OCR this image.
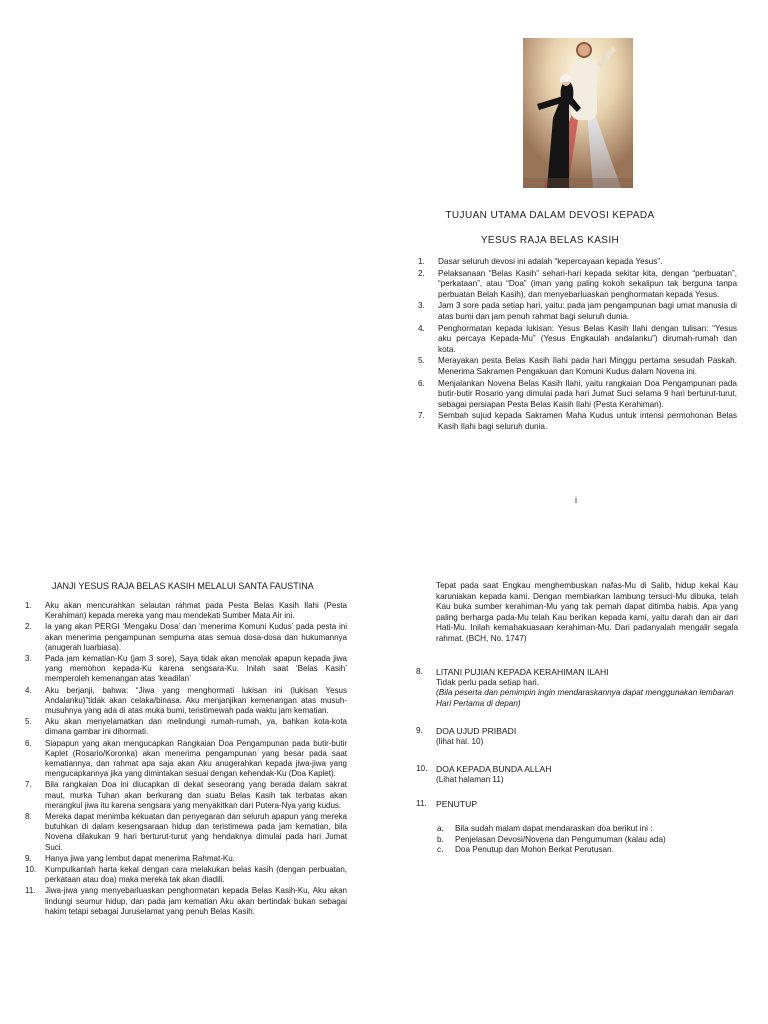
TUJUAN UTAMA DALAM DEVOSI KEPADA
YESUS RAJA BELAS KASIH
1. Dasar seluruh devosi ini adalah “kepercayaan kepada Yesus”.
2. Pelaksanaan “Belas Kasih” sehari-hari kepada sekitar kita, dengan “perbuatan”, “perkataan”, atau “Doa” (iman yang paling kokoh sekalipun tak berguna tanpa perbuatan Belah Kasih), dan menyebarluaskan penghormatan kepada Yesus.
3. Jam 3 sore pada setiap hari, yaitu: pada jam pengampunan bagi umat manusia di atas bumi dan jam penuh rahmat bagi seluruh dunia.
4. Penghormatan kepada lukisan: Yesus Belas Kasih Ilahi dengan tulisan: “Yesus aku percaya Kepada-Mu” (Yesus Engkaulah andalanku”) dirumah-rumah dan kota.
5. Merayakan pesta Belas Kasih Ilahi pada hari Minggu pertama sesudah Paskah. Menerima Sakramen Pengakuan dan Komuni Kudus dalam Novena ini.
6. Menjalankan Novena Belas Kasih Ilahi, yaitu rangkaian Doa Pengampunan pada butir-butir Rosario yang dimulai pada hari Jumat Suci selama 9 hari berturut-turut, sebagai persiapan Pesta Belas Kasih Ilahi (Pesta Kerahiman).
7. Sembah sujud kepada Sakramen Maha Kudus untuk intensi permohonan Belas Kasih Ilahi bagi seluruh dunia.
i
JANJI YESUS RAJA BELAS KASIH MELALUI SANTA FAUSTINA
1. Aku akan mencurahkan selautan rahmat pada Pesta Belas Kasih Ilahi (Pesta Kerahiman) kepada mereka yang mau mendekati Sumber Mata Air ini.
2. Ia yang akan PERGI ‘Mengaku Dosa’ dan ‘menerima Komuni Kudus’ pada pesta ini akan menerima pengampunan sempurna atas semua dosa-dosa dan hukumannya (anugerah luarbiasa).
3. Pada jam kematian-Ku (jam 3 sore), Saya tidak akan menolak apapun kepada jiwa yang memohon kepada-Ku karena sengsara-Ku. Inilah saat ‘Belas Kasih’ memperoleh kemenangan atas ‘keadilan’
4. Aku berjanji, bahwa: “Jiwa yang menghormati lukisan ini (lukisan Yesus Andalanku)”tidak akan celaka/binasa. Aku menjanjikan kemenangan atas musuh-musuhnya yang ada di atas muka bumi, teristimewah pada waktu jam kematian.
5. Aku akan menyelamatkan dan melindungi rumah-rumah, ya, bahkan kota-kota dimana gambar ini dihormati.
6. Siapapun yang akan mengucapkan Rangkaian Doa Pengampunan pada butir-butir Kaplet (Rosario/Koronka) akan menerima pengampunan yang besar pada saat kematiannya, dan rahmat apa saja akan Aku anugerahkan kepada jiwa-jiwa yang mengucapkannya jika yang dimintakan sesuai dengan kehendak-Ku (Doa Kaplet).
7. Bila rangkaian Doa ini diucapkan di dekat seseorang yang berada dalam sakrat maut, murka Tuhan akan berkurang dan suatu Belas Kasih tak terbatas akan merangkul jiwa itu karena sengsara yang menyakitkan dari Putera-Nya yang kudus.
8. Mereka dapat menimba kekuatan dan penyegaran dan seluruh apapun yang mereka butuhkan di dalam kesengsaraan hidup dan teristimewa pada jam kematian, bila Novena dilakukan 9 hari berturut-turut yang hendaknya dimulai pada hari Jumat Suci.
9. Hanya jiwa yang lembut dapat menerima Rahmat-Ku.
10. Kumpulkanlah harta kekal dengan cara melakukan belas kasih (dengan perbuatan, perkataan atau doa) maka mereka tak akan diadili.
11. Jiwa-jiwa yang menyebarluaskan penghormatan kepada Belas Kasih-Ku, Aku akan lindungi seumur hidup, dan pada jam kematian Aku akan bertindak bukan sebagai hakim tetapi sebagai Juruselamat yang penuh Belas Kasih.
Tepat pada saat Engkau menghembuskan nafas-Mu di Salib, hidup kekal Kau karuniakan kepada kami. Dengan membiarkan lambung tersuci-Mu dibuka, telah Kau buka sumber kerahiman-Mu yang tak pernah dapat ditimba habis. Apa yang paling berharga pada-Mu telah Kau berikan kepada kami, yaitu darah dan air dari Hati-Mu. Inilah kemahakuasaan kerahiman-Mu. Dari padanyalah mengalir segala rahmat. (BCH, No. 1747)
8.	LITANI PUJIAN KEPADA KERAHIMAN ILAHI
Tidak perlu pada setiap hari.
(Bila peserta dan pemimpin ingin mendaraskannya dapat menggunakan lembaran Hari Pertama di depan)
9.	DOA UJUD PRIBADI
(lihat hal. 10)
10.	DOA KEPADA BUNDA ALLAH
(Lihat halaman 11)
11.	PENUTUP
a. Bila sudah malam dapat mendaraskan doa berikut ini :
b. Penjelasan Devosi/Novena dan Pengumuman (kalau ada)
c. Doa Penutup dan Mohon Berkat Perutusan.
